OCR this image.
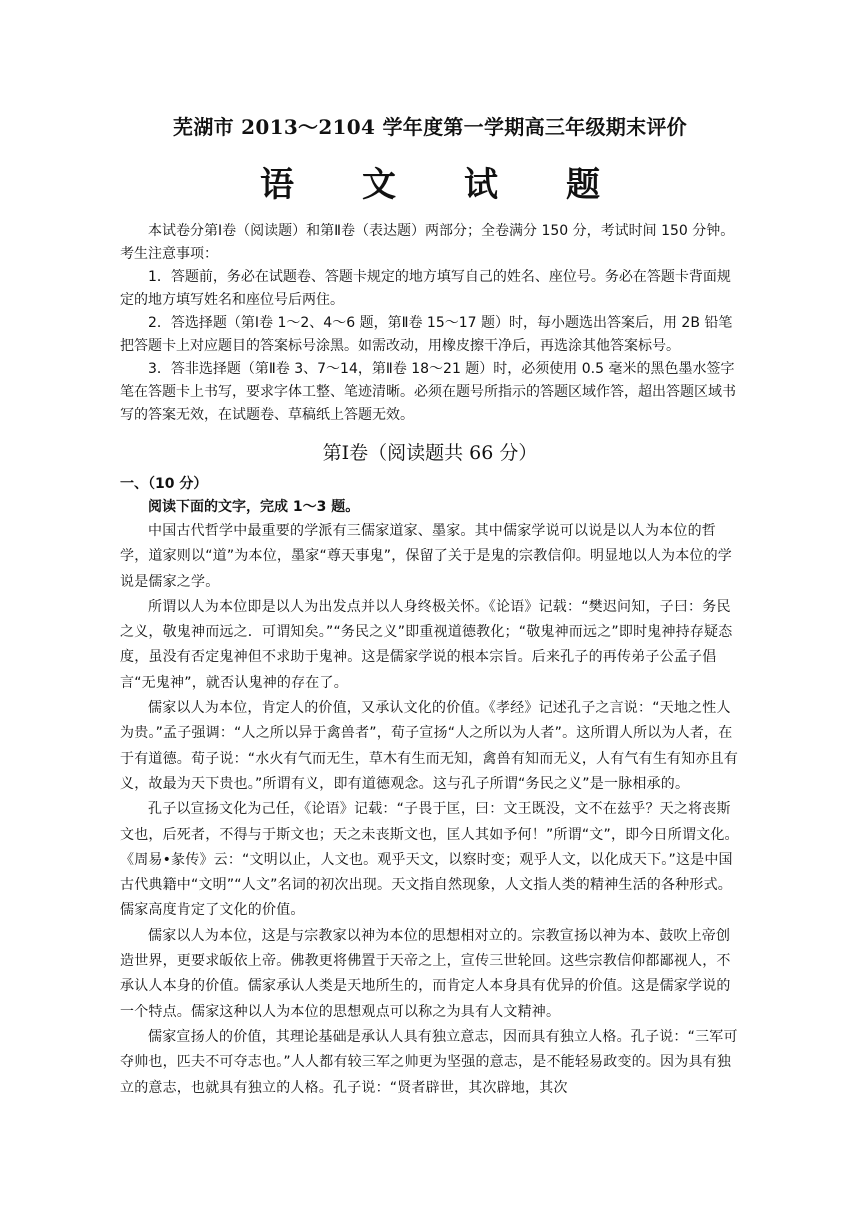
芜湖市 2013～2104 学年度第一学期高三年级期末评价
语　　文　　试　　题

本试卷分第Ⅰ卷（阅读题）和第Ⅱ卷（表达题）两部分；全卷满分 150 分，考试时间 150 分钟。

考生注意事项：

1．答题前，务必在试题卷、答题卡规定的地方填写自己的姓名、座位号。务必在答题卡背面规定的地方填写姓名和座位号后两住。

2．答选择题（第Ⅰ卷 1～2、4～6 题，第Ⅱ卷 15～17 题）时，每小题选出答案后，用 2B 铅笔把答题卡上对应题目的答案标号涂黑。如需改动，用橡皮擦干净后，再选涂其他答案标号。

3．答非选择题（第Ⅱ卷 3、7～14，第Ⅱ卷 18～21 题）时，必须使用 0.5 毫米的黑色墨水签字笔在答题卡上书写，要求字体工整、笔迹清晰。必须在题号所指示的答题区域作答，超出答题区域书写的答案无效，在试题卷、草稿纸上答题无效。

第Ⅰ卷（阅读题共 66 分）

一、（10 分）

阅读下面的文字，完成 1～3 题。

中国古代哲学中最重要的学派有三儒家道家、墨家。其中儒家学说可以说是以人为本位的哲学，道家则以“道”为本位，墨家“尊天事鬼”，保留了关于是鬼的宗教信仰。明显地以人为本位的学说是儒家之学。

所谓以人为本位即是以人为出发点并以人身终极关怀。《论语》记载：“樊迟问知，子曰：务民之义，敬鬼神而远之．可谓知矣。”“务民之义”即重视道德教化；“敬鬼神而远之”即时鬼神持存疑态度，虽没有否定鬼神但不求助于鬼神。这是儒家学说的根本宗旨。后来孔子的再传弟子公孟子倡言“无鬼神”，就否认鬼神的存在了。

儒家以人为本位，肯定人的价值，又承认文化的价值。《孝经》记述孔子之言说：“天地之性人为贵。”孟子强调：“人之所以异于禽兽者”，荀子宣扬“人之所以为人者”。这所谓人所以为人者，在于有道德。荀子说：“水火有气而无生，草木有生而无知，禽兽有知而无义，人有气有生有知亦且有义，故最为天下贵也。”所谓有义，即有道德观念。这与孔子所谓“务民之义”是一脉相承的。

孔子以宣扬文化为己任，《论语》记载：“子畏于匡，曰：文王既没，文不在兹乎？天之将丧斯文也，后死者，不得与于斯文也；天之未丧斯文也，匡人其如予何！”所谓“文”，即今日所谓文化。《周易•彖传》云：“文明以止，人文也。观乎天文，以察时变；观乎人文，以化成天下。”这是中国古代典籍中“文明”“人文”名词的初次出现。天文指自然现象，人文指人类的精神生活的各种形式。儒家高度肯定了文化的价值。

儒家以人为本位，这是与宗教家以神为本位的思想相对立的。宗教宣扬以神为本、鼓吹上帝创造世界，更要求皈依上帝。佛教更将佛置于天帝之上，宣传三世轮回。这些宗教信仰都鄙视人，不承认人本身的价值。儒家承认人类是天地所生的，而肯定人本身具有优异的价值。这是儒家学说的一个特点。儒家这种以人为本位的思想观点可以称之为具有人文精神。

儒家宣扬人的价值，其理论基础是承认人具有独立意志，因而具有独立人格。孔子说：“三军可夺帅也，匹夫不可夺志也。”人人都有较三军之帅更为坚强的意志，是不能轻易政变的。因为具有独立的意志，也就具有独立的人格。孔子说：“贤者辟世，其次辟地，其次
